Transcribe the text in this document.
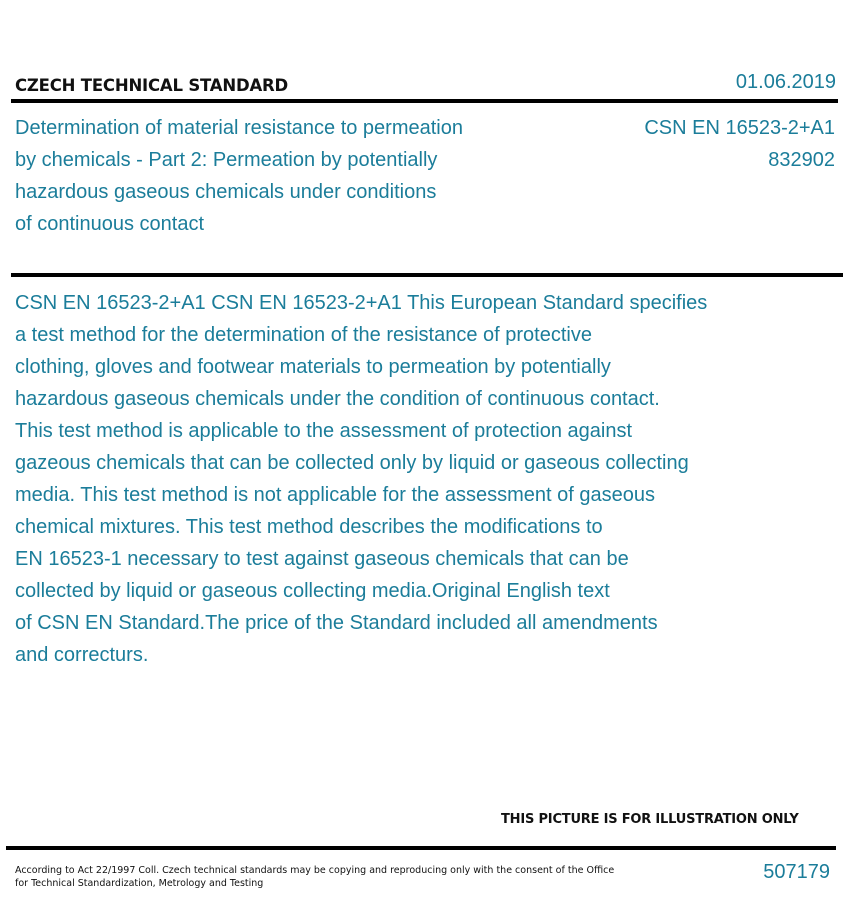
CZECH TECHNICAL STANDARD	01.06.2019
Determination of material resistance to permeation
by chemicals - Part 2: Permeation by potentially
hazardous gaseous chemicals under conditions
of continuous contact
CSN EN 16523-2+A1
832902
CSN EN 16523-2+A1 CSN EN 16523-2+A1 This European Standard specifies
a test method for the determination of the resistance of protective
clothing, gloves and footwear materials to permeation by potentially
hazardous gaseous chemicals under the condition of continuous contact.
This test method is applicable to the assessment of protection against
gazeous chemicals that can be collected only by liquid or gaseous collecting
media. This test method is not applicable for the assessment of gaseous
chemical mixtures. This test method describes the modifications to
EN 16523-1 necessary to test against gaseous chemicals that can be
collected by liquid or gaseous collecting media.Original English text
of CSN EN Standard.The price of the Standard included all amendments
and correcturs.
THIS PICTURE IS FOR ILLUSTRATION ONLY
According to Act 22/1997 Coll. Czech technical standards may be copying and reproducing only with the consent of the Office
for Technical Standardization, Metrology and Testing
507179
